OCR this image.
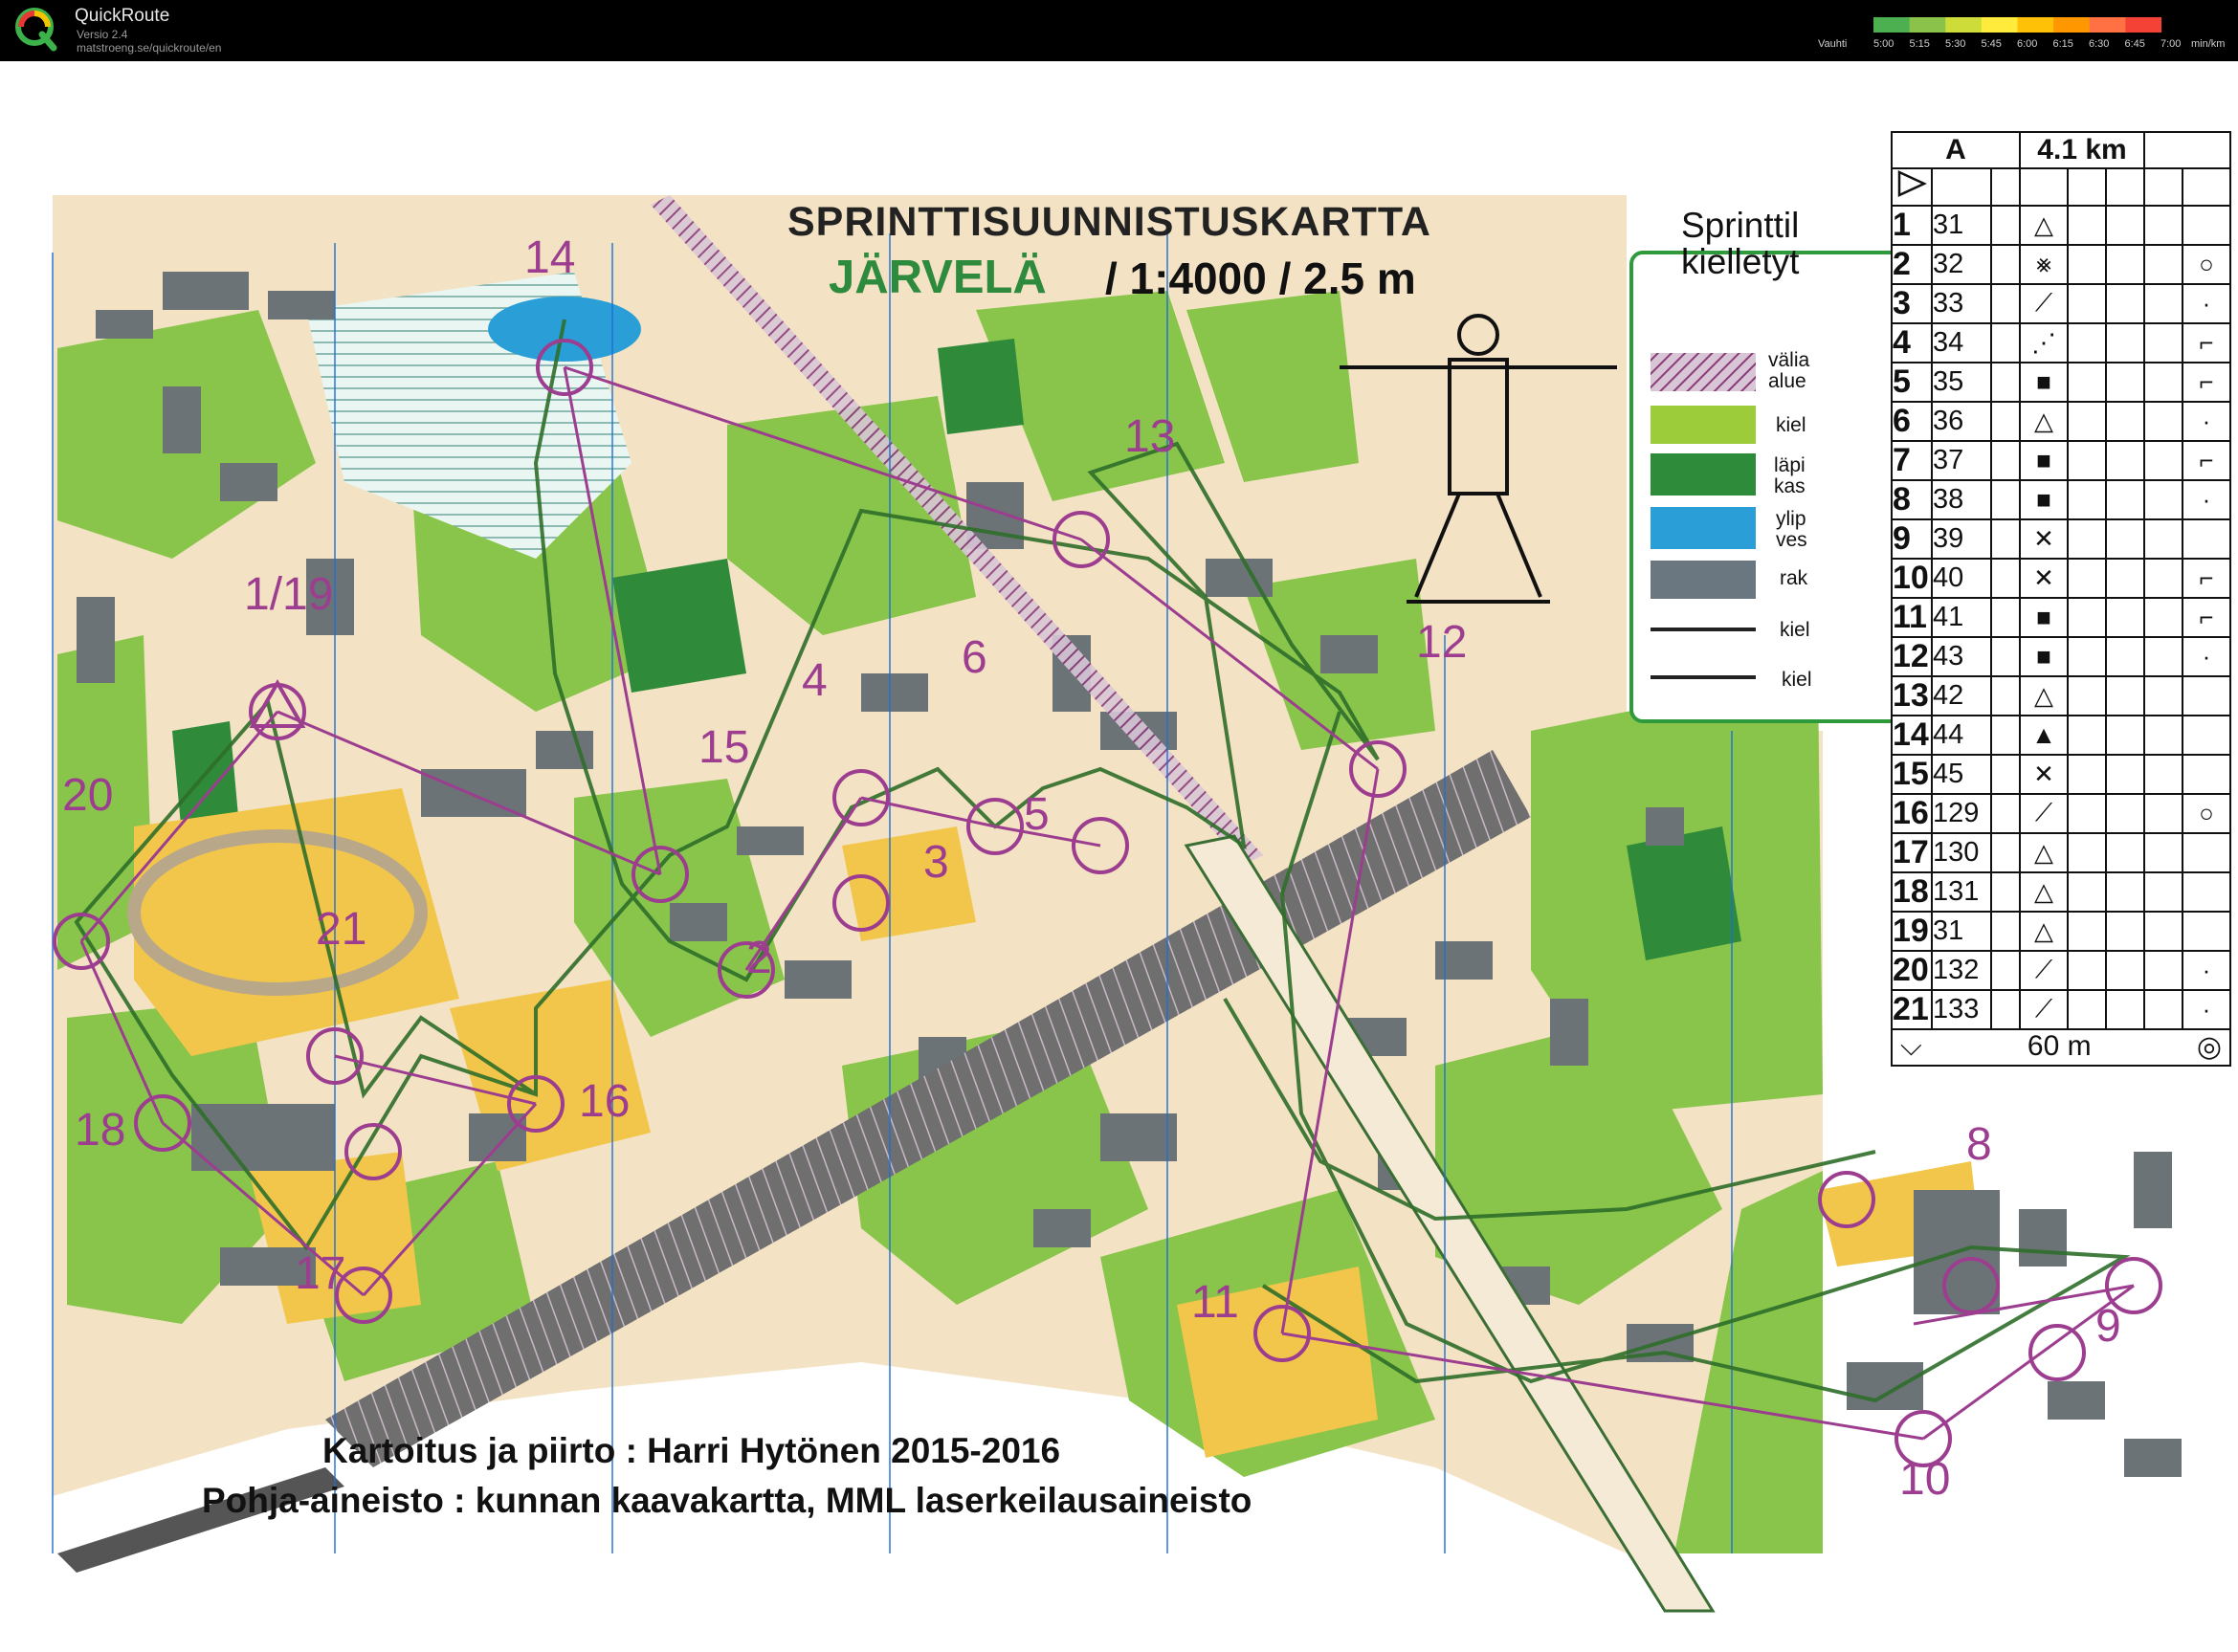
QuickRoute
Versio 2.4
matstroeng.se/quickroute/en	Vauhti	5:00 5:15 5:30 5:45 6:00 6:15 6:30 6:45 7:00 min/km
SPRINTTISUUNNISTUSKARTTA
JÄRVELÄ / 1:4000 / 2.5 m
Kartoitus ja piirto : Harri Hytönen 2015-2016
Pohja-aineisto : kunnan kaavakartta, MML laserkeilausaineisto
Sprinttil
kielletyt
välia
alue
kiel
läpi
kas
ylip
ves
rak
kiel
kiel
14
13
12
1/19
20
15
4	6
5
3
2
21
16
18
17
11
8
9
10
A			4.1 km				

1	31		△				
2	32		⨳				○
3	33		⟋				·
4	34		⋰				⌐
5	35		■				⌐
6	36		△				·
7	37		■				⌐
8	38		■				·
9	39		✕				
10	40		✕				⌐
11	41		■				⌐
12	43		■				·
13	42		△				
14	44		▲				
15	45		✕				
16	129		⟋				○
17	130		△				
18	131		△				
19	31		△				
20	132		⟋				·
21	133		⟋				·

⌵ 60 m ◎							
